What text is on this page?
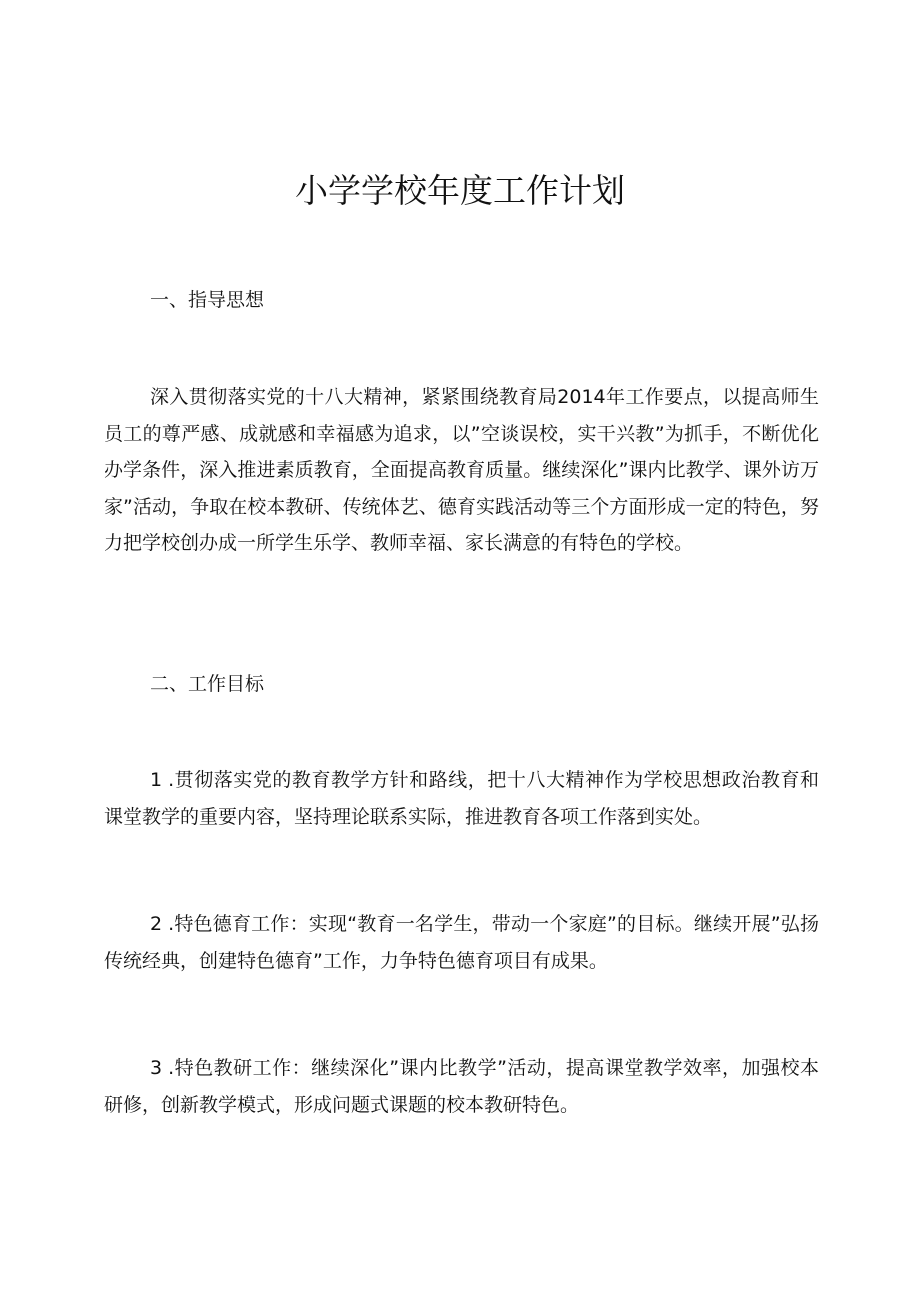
小学学校年度工作计划
一、指导思想

深入贯彻落实党的十八大精神，紧紧围绕教育局2014年工作要点，以提高师生员工的尊严感、成就感和幸福感为追求，以”空谈误校，实干兴教”为抓手，不断优化办学条件，深入推进素质教育，全面提高教育质量。继续深化”课内比教学、课外访万家”活动，争取在校本教研、传统体艺、德育实践活动等三个方面形成一定的特色，努力把学校创办成一所学生乐学、教师幸福、家长满意的有特色的学校。

二、工作目标

1 .贯彻落实党的教育教学方针和路线，把十八大精神作为学校思想政治教育和课堂教学的重要内容，坚持理论联系实际，推进教育各项工作落到实处。

2 .特色德育工作：实现“教育一名学生，带动一个家庭”的目标。继续开展”弘扬传统经典，创建特色德育”工作，力争特色德育项目有成果。

3 .特色教研工作：继续深化”课内比教学”活动，提高课堂教学效率，加强校本研修，创新教学模式，形成问题式课题的校本教研特色。
